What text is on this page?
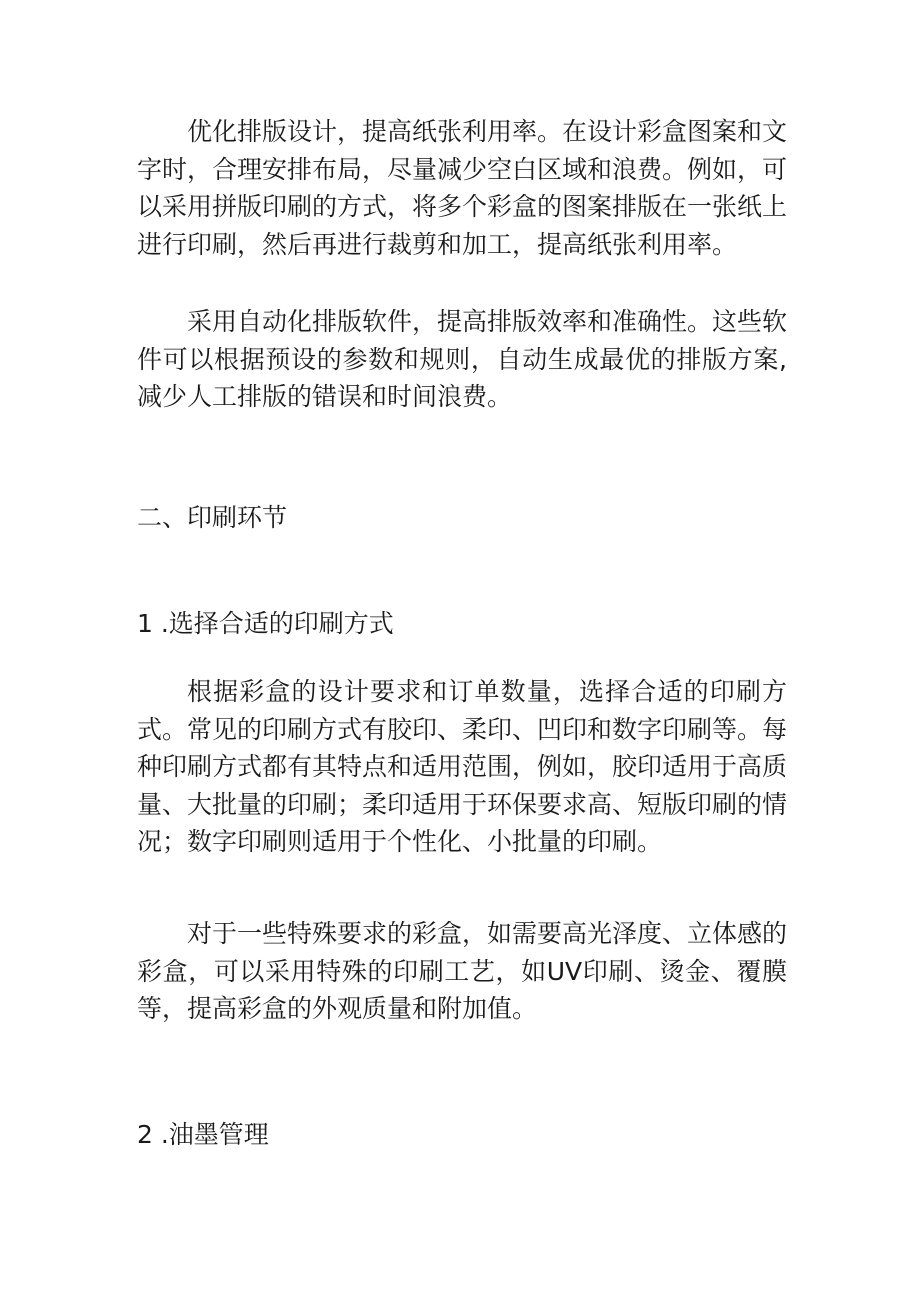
优化排版设计，提高纸张利用率。在设计彩盒图案和文字时，合理安排布局，尽量减少空白区域和浪费。例如，可以采用拼版印刷的方式，将多个彩盒的图案排版在一张纸上进行印刷，然后再进行裁剪和加工，提高纸张利用率。

采用自动化排版软件，提高排版效率和准确性。这些软件可以根据预设的参数和规则，自动生成最优的排版方案,减少人工排版的错误和时间浪费。

二、印刷环节
1 .选择合适的印刷方式

根据彩盒的设计要求和订单数量，选择合适的印刷方式。常见的印刷方式有胶印、柔印、凹印和数字印刷等。每种印刷方式都有其特点和适用范围，例如，胶印适用于高质量、大批量的印刷；柔印适用于环保要求高、短版印刷的情况；数字印刷则适用于个性化、小批量的印刷。

对于一些特殊要求的彩盒，如需要高光泽度、立体感的彩盒，可以采用特殊的印刷工艺，如UV印刷、烫金、覆膜等，提高彩盒的外观质量和附加值。

2 .油墨管理
